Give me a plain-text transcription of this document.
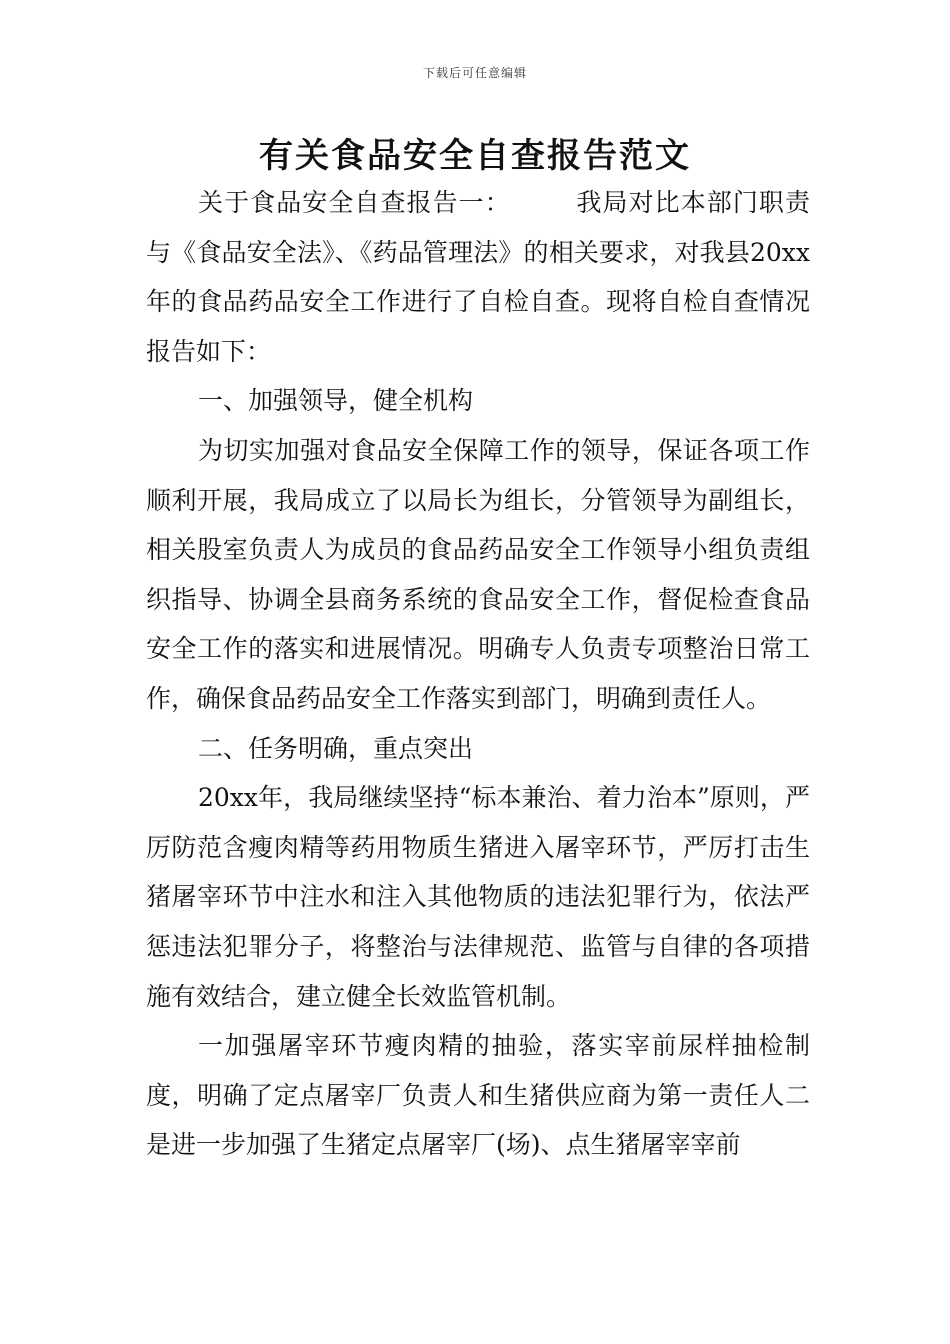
下载后可任意编辑
有关食品安全自查报告范文

关于食品安全自查报告一：　　　我局对比本部门职责与《食品安全法》、《药品管理法》的相关要求，对我县20xx年的食品药品安全工作进行了自检自查。现将自检自查情况报告如下：

一、加强领导，健全机构

为切实加强对食品安全保障工作的领导，保证各项工作顺利开展，我局成立了以局长为组长，分管领导为副组长，相关股室负责人为成员的食品药品安全工作领导小组负责组织指导、协调全县商务系统的食品安全工作，督促检查食品安全工作的落实和进展情况。明确专人负责专项整治日常工作，确保食品药品安全工作落实到部门，明确到责任人。

二、任务明确，重点突出

20xx年，我局继续坚持“标本兼治、着力治本”原则，严厉防范含瘦肉精等药用物质生猪进入屠宰环节，严厉打击生猪屠宰环节中注水和注入其他物质的违法犯罪行为，依法严惩违法犯罪分子，将整治与法律规范、监管与自律的各项措施有效结合，建立健全长效监管机制。

一加强屠宰环节瘦肉精的抽验，落实宰前尿样抽检制度，明确了定点屠宰厂负责人和生猪供应商为第一责任人二是进一步加强了生猪定点屠宰厂(场)、点生猪屠宰宰前
